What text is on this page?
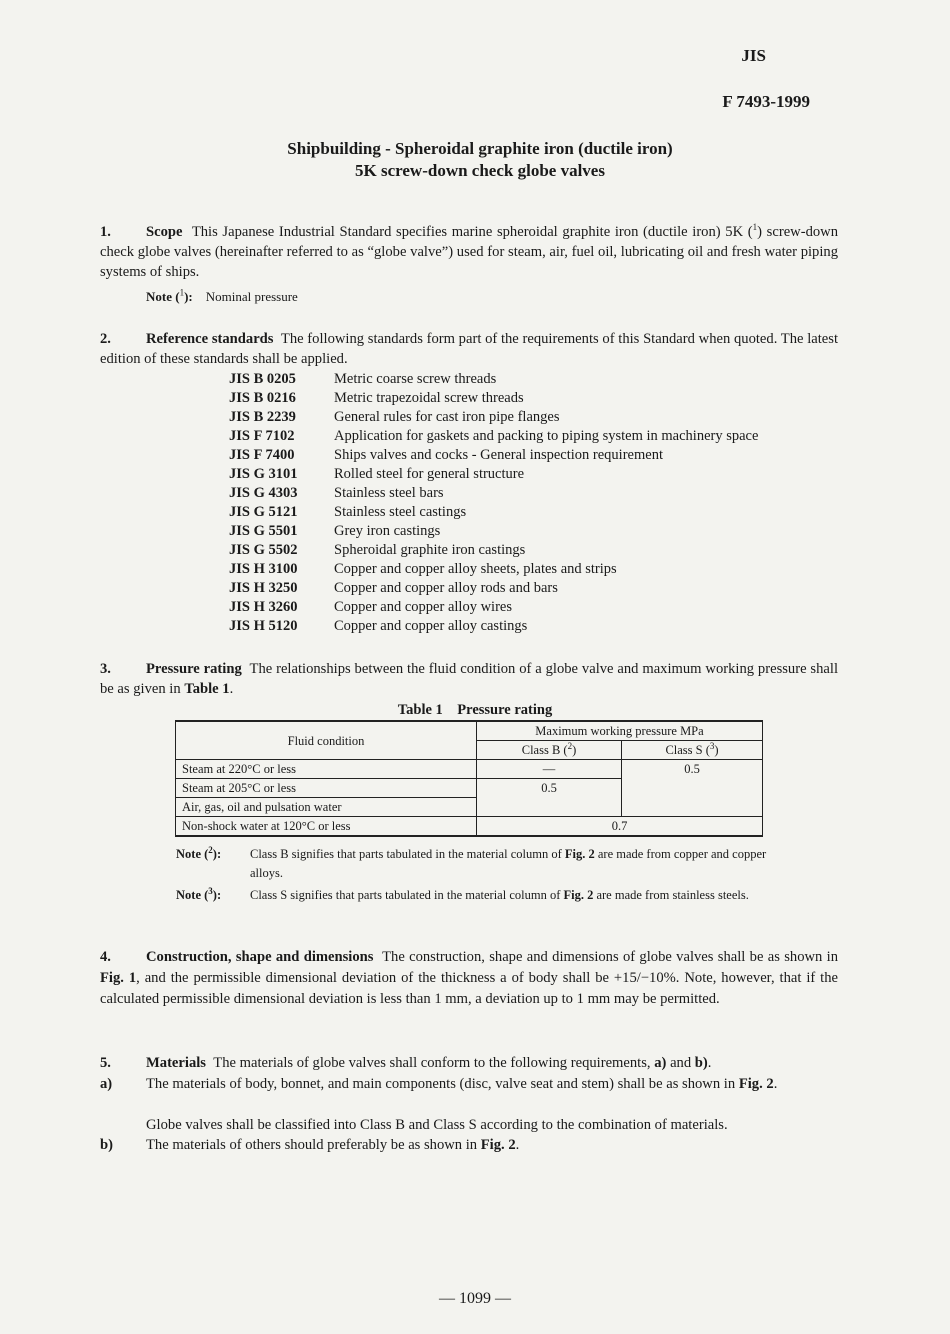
JIS
F 7493-1999
Shipbuilding - Spheroidal graphite iron (ductile iron)
5K screw-down check globe valves
1. Scope This Japanese Industrial Standard specifies marine spheroidal graphite iron (ductile iron) 5K ($^1$) screw-down check globe valves (hereinafter referred to as “globe valve”) used for steam, air, fuel oil, lubricating oil and fresh water piping systems of ships.
Note ($^1$): Nominal pressure
2. Reference standards The following standards form part of the requirements of this Standard when quoted. The latest edition of these standards shall be applied.
JIS B 0205	Metric coarse screw threads
JIS B 0216	Metric trapezoidal screw threads
JIS B 2239	General rules for cast iron pipe flanges
JIS F 7102	Application for gaskets and packing to piping system in machinery space
JIS F 7400	Ships valves and cocks - General inspection requirement
JIS G 3101	Rolled steel for general structure
JIS G 4303	Stainless steel bars
JIS G 5121	Stainless steel castings
JIS G 5501	Grey iron castings
JIS G 5502	Spheroidal graphite iron castings
JIS H 3100	Copper and copper alloy sheets, plates and strips
JIS H 3250	Copper and copper alloy rods and bars
JIS H 3260	Copper and copper alloy wires
JIS H 5120	Copper and copper alloy castings
3. Pressure rating The relationships between the fluid condition of a globe valve and maximum working pressure shall be as given in Table 1.
Table 1    Pressure rating
Fluid condition	Maximum working pressure MPa	
	Class B ($^2$)	Class S ($^3$)
Steam at 220°C or less	—	0.5
Steam at 205°C or less	0.5	
Air, gas, oil and pulsation water		
Non-shock water at 120°C or less	0.7	
Note ($^2$): Class B signifies that parts tabulated in the material column of Fig. 2 are made from copper and copper alloys.
Note ($^3$): Class S signifies that parts tabulated in the material column of Fig. 2 are made from stainless steels.
4. Construction, shape and dimensions The construction, shape and dimensions of globe valves shall be as shown in Fig. 1, and the permissible dimensional deviation of the thickness a of body shall be +15/−10%. Note, however, that if the calculated permissible dimensional deviation is less than 1 mm, a deviation up to 1 mm may be permitted.
5. Materials The materials of globe valves shall conform to the following requirements, a) and b).
a) The materials of body, bonnet, and main components (disc, valve seat and stem) shall be as shown in Fig. 2.
Globe valves shall be classified into Class B and Class S according to the combination of materials.
b) The materials of others should preferably be as shown in Fig. 2.
— 1099 —
